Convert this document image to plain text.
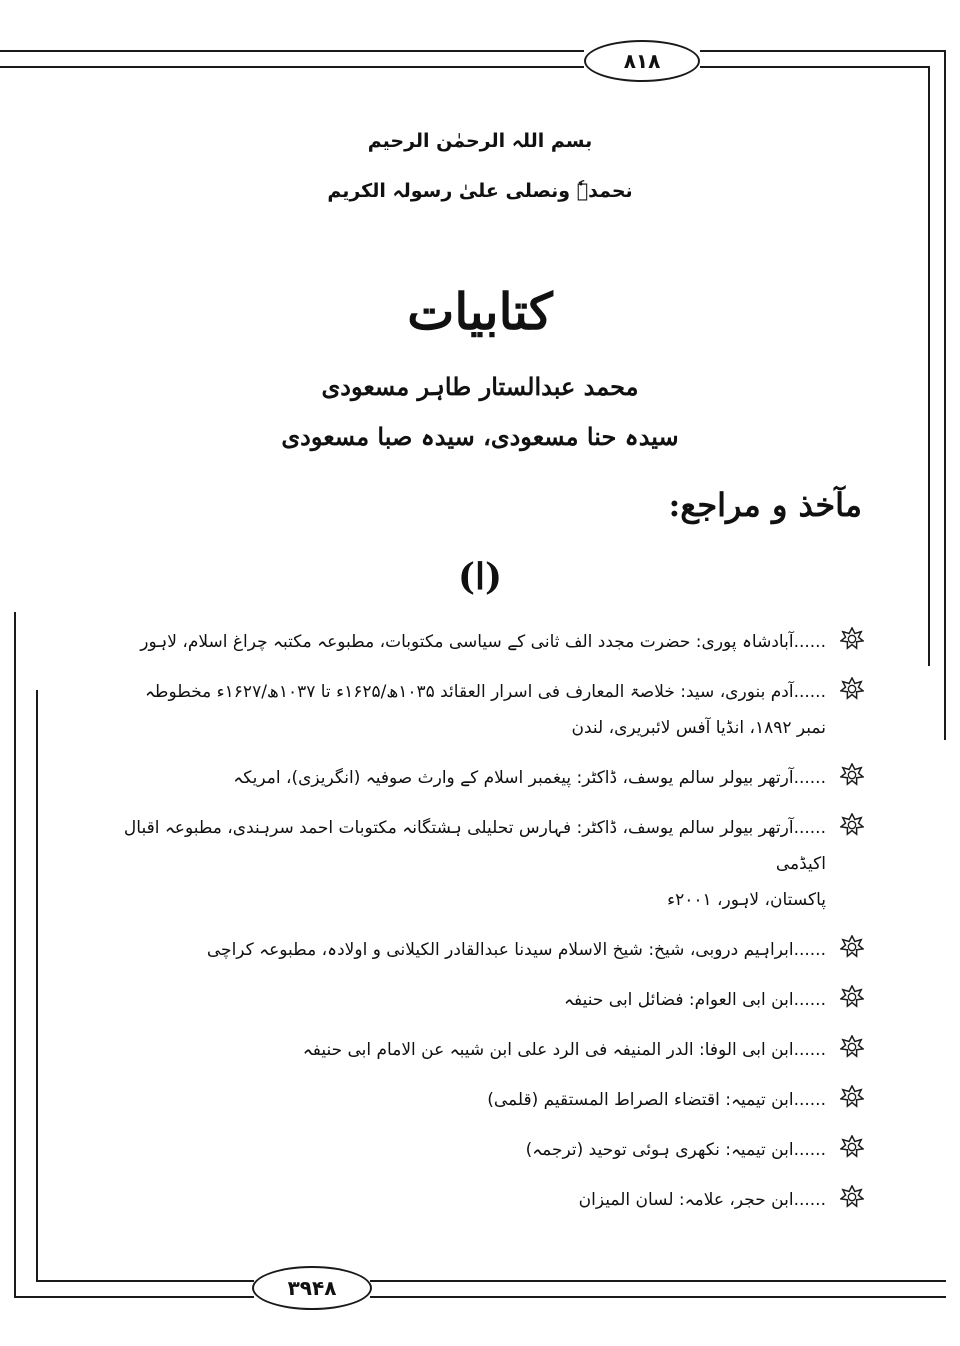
۸۱۸
۳۹۴۸
بسم اللہ الرحمٰن الرحیم
نحمدہٗ ونصلی علیٰ رسولہ الکریم
کتابیات
محمد عبدالستار طاہر مسعودی
سیدہ حنا مسعودی، سیدہ صبا مسعودی
مآخذ و مراجع:
(ا)
......آبادشاہ پوری: حضرت مجدد الف ثانی کے سیاسی مکتوبات، مطبوعہ مکتبہ چراغ اسلام، لاہور
......آدم بنوری، سید: خلاصۃ المعارف فی اسرار العقائد ۱۰۳۵ھ/۱۶۲۵ء تا ۱۰۳۷ھ/۱۶۲۷ء مخطوطہ
نمبر ۱۸۹۲، انڈیا آفس لائبریری، لندن
......آرتھر بیولر سالم یوسف، ڈاکٹر: پیغمبر اسلام کے وارث صوفیہ (انگریزی)، امریکہ
......آرتھر بیولر سالم یوسف، ڈاکٹر: فہارس تحلیلی ہشتگانہ مکتوبات احمد سرہندی، مطبوعہ اقبال اکیڈمی
پاکستان، لاہور، ۲۰۰۱ء
......ابراہیم دروبی، شیخ: شیخ الاسلام سیدنا عبدالقادر الکیلانی و اولادہ، مطبوعہ کراچی
......ابن ابی العوام: فضائل ابی حنیفہ
......ابن ابی الوفا: الدر المنیفہ فی الرد علی ابن شیبہ عن الامام ابی حنیفہ
......ابن تیمیہ: اقتضاء الصراط المستقیم (قلمی)
......ابن تیمیہ: نکھری ہوئی توحید (ترجمہ)
......ابن حجر، علامہ: لسان المیزان
